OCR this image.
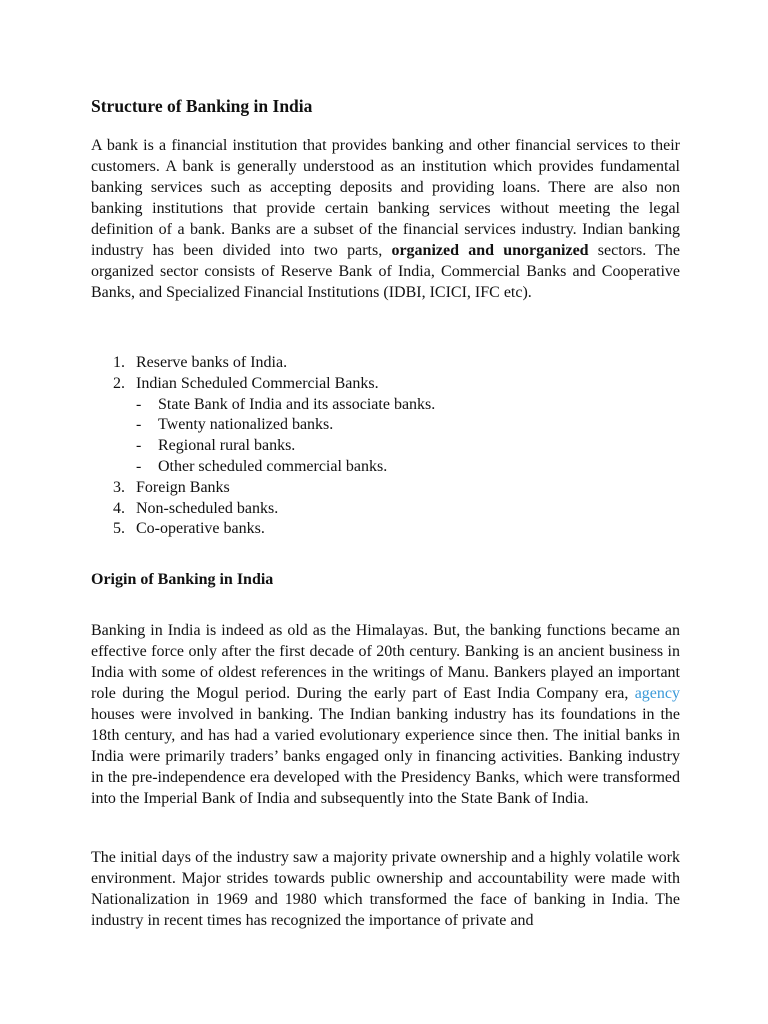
Structure of Banking in India

A bank is a financial institution that provides banking and other financial services to their customers. A bank is generally understood as an institution which provides fundamental banking services such as accepting deposits and providing loans. There are also non banking institutions that provide certain banking services without meeting the legal definition of a bank. Banks are a subset of the financial services industry. Indian banking industry has been divided into two parts, organized and unorganized sectors. The organized sector consists of Reserve Bank of India, Commercial Banks and Cooperative Banks, and Specialized Financial Institutions (IDBI, ICICI, IFC etc).

1. Reserve banks of India.
2. Indian Scheduled Commercial Banks.
-	State Bank of India and its associate banks.
-	Twenty nationalized banks.
-	Regional rural banks.
-	Other scheduled commercial banks.
3. Foreign Banks
4. Non-scheduled banks.
5. Co-operative banks.
Origin of Banking in India

Banking in India is indeed as old as the Himalayas. But, the banking functions became an effective force only after the first decade of 20th century. Banking is an ancient business in India with some of oldest references in the writings of Manu. Bankers played an important role during the Mogul period. During the early part of East India Company era, agency houses were involved in banking. The Indian banking industry has its foundations in the 18th century, and has had a varied evolutionary experience since then. The initial banks in India were primarily traders’ banks engaged only in financing activities. Banking industry in the pre-independence era developed with the Presidency Banks, which were transformed into the Imperial Bank of India and subsequently into the State Bank of India.

The initial days of the industry saw a majority private ownership and a highly volatile work environment. Major strides towards public ownership and accountability were made with Nationalization in 1969 and 1980 which transformed the face of banking in India. The industry in recent times has recognized the importance of private and
